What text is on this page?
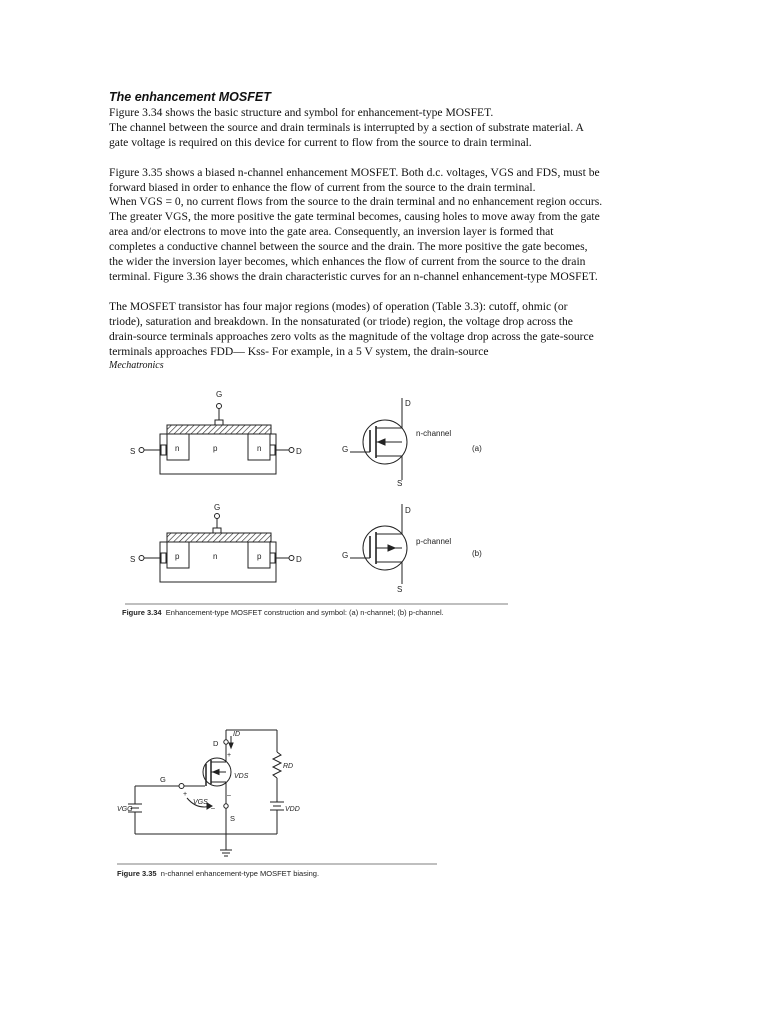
The enhancement MOSFET
Figure 3.34 shows the basic structure and symbol for enhancement-type MOSFET.
The channel between the source and drain terminals is interrupted by a section of substrate material. A
gate voltage is required on this device for current to flow from the source to drain terminal.
Figure 3.35 shows a biased n-channel enhancement MOSFET. Both d.c. voltages, VGS and FDS, must be
forward biased in order to enhance the flow of current from the source to the drain terminal.
When VGS = 0, no current flows from the source to the drain terminal and no enhancement region occurs.
The greater VGS, the more positive the gate terminal becomes, causing holes to move away from the gate
area and/or electrons to move into the gate area. Consequently, an inversion layer is formed that
completes a conductive channel between the source and the drain. The more positive the gate becomes,
the wider the inversion layer becomes, which enhances the flow of current from the source to the drain
terminal. Figure 3.36 shows the drain characteristic curves for an n-channel enhancement-type MOSFET.
The MOSFET transistor has four major regions (modes) of operation (Table 3.3): cutoff, ohmic (or
triode), saturation and breakdown. In the nonsaturated (or triode) region, the voltage drop across the
drain-source terminals approaches zero volts as the magnitude of the voltage drop across the gate-source
terminals approaches FDD— Kss- For example, in a 5 V system, the drain-source
Mechatronics
G
n	p	n
S	D
D
S
G
n-channel
(a)
G
p	n	p
S	D
D
S
G
p-channel
(b)
Figure 3.34 Enhancement-type MOSFET construction and symbol: (a) n-channel; (b) p-channel.
D
ID
RD
G	VDS
+
–
+
–
VGS
VGG	VDD
S
Figure 3.35 n-channel enhancement-type MOSFET biasing.
